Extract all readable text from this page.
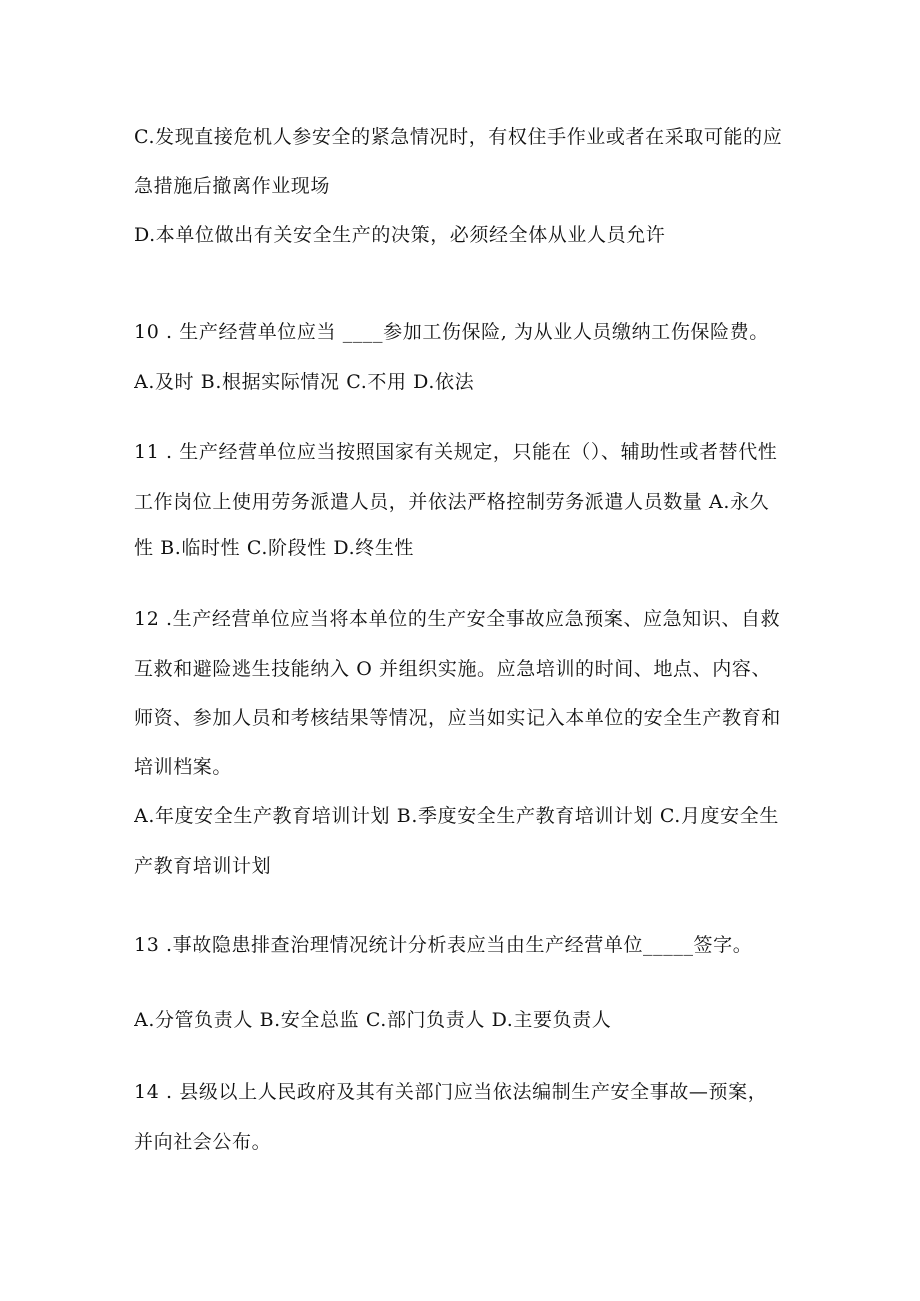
C.发现直接危机人参安全的紧急情况时，有权住手作业或者在采取可能的应
急措施后撤离作业现场
D.本单位做出有关安全生产的决策，必须经全体从业人员允许
10 . 生产经营单位应当 ____参加工伤保险, 为从业人员缴纳工伤保险费。
A.及时 B.根据实际情况 C.不用 D.依法
11 . 生产经营单位应当按照国家有关规定，只能在（）、辅助性或者替代性
工作岗位上使用劳务派遣人员，并依法严格控制劳务派遣人员数量 A.永久
性 B.临时性 C.阶段性 D.终生性
12 .生产经营单位应当将本单位的生产安全事故应急预案、应急知识、自救
互救和避险逃生技能纳入 O 并组织实施。应急培训的时间、地点、内容、
师资、参加人员和考核结果等情况，应当如实记入本单位的安全生产教育和
培训档案。
A.年度安全生产教育培训计划 B.季度安全生产教育培训计划 C.月度安全生
产教育培训计划
13 .事故隐患排查治理情况统计分析表应当由生产经营单位_____签字。
A.分管负责人 B.安全总监 C.部门负责人 D.主要负责人
14 . 县级以上人民政府及其有关部门应当依法编制生产安全事故—预案，
并向社会公布。
